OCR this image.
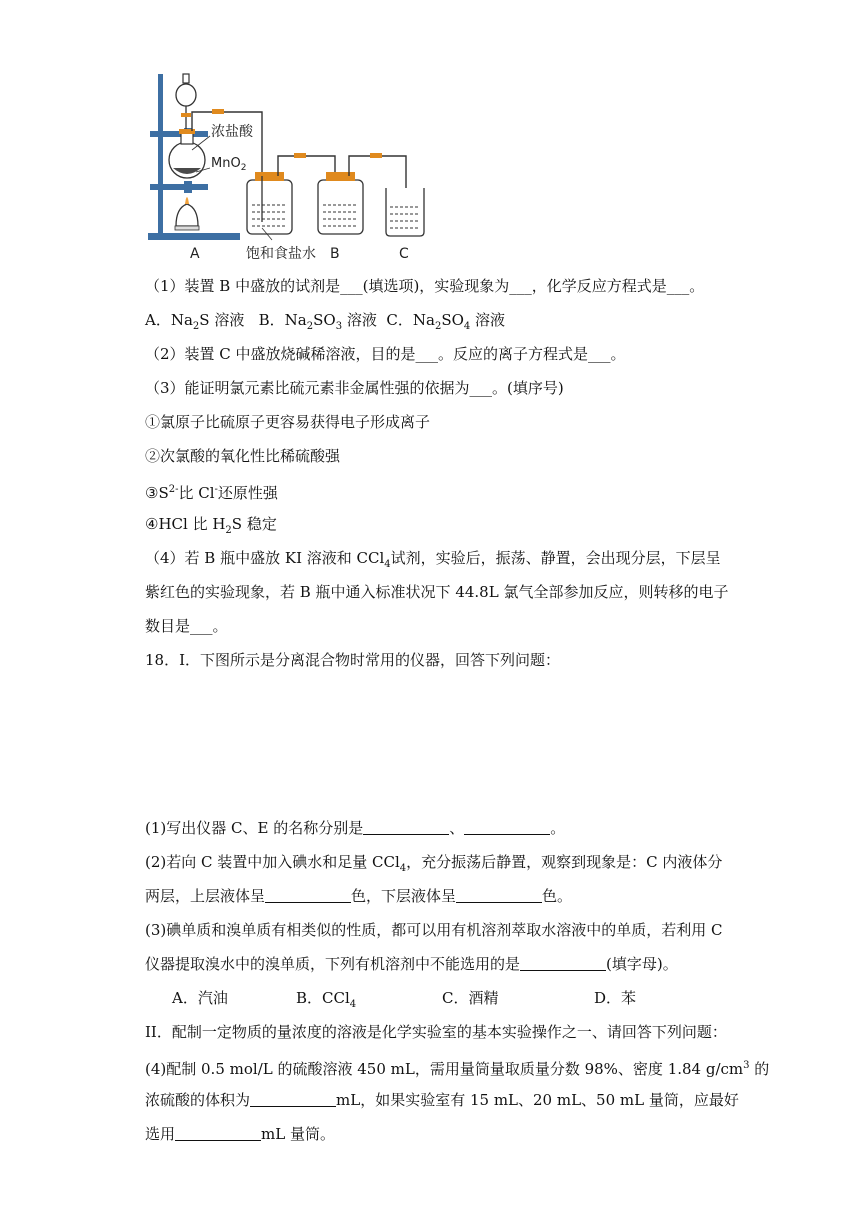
浓盐酸
MnO$_2$
A	饱和食盐水 B	C
（1）装置 B 中盛放的试剂是___(填选项)，实验现象为___，化学反应方程式是___。
A．$Na_2S$ 溶液 B．$Na_2SO_3$ 溶液 C．$Na_2SO_4$ 溶液
（2）装置 C 中盛放烧碱稀溶液，目的是___。反应的离子方程式是___。
（3）能证明氯元素比硫元素非金属性强的依据为___。(填序号)
①氯原子比硫原子更容易获得电子形成离子
②次氯酸的氧化性比稀硫酸强
$③S^{2-}$比 Cl-还原性强
④HCl 比 $H_2S$ 稳定
（4）若 B 瓶中盛放 KI 溶液和 CCl$_4$试剂，实验后，振荡、静置，会出现分层，下层呈
紫红色的实验现象，若 B 瓶中通入标准状况下 44.8L 氯气全部参加反应，则转移的电子
数目是___。
18．I．下图所示是分离混合物时常用的仪器，回答下列问题：
(1)写出仪器 C、E 的名称分别是	、	。
(2)若向 C 装置中加入碘水和足量 CCl$_4$，充分振荡后静置，观察到现象是：C 内液体分
两层，上层液体呈	色，下层液体呈	色。
(3)碘单质和溴单质有相类似的性质，都可以用有机溶剂萃取水溶液中的单质，若利用 C
仪器提取溴水中的溴单质，下列有机溶剂中不能选用的是	(填字母)。
A．汽油	B．CCl$_4$	C．酒精	D．苯
II．配制一定物质的量浓度的溶液是化学实验室的基本实验操作之一、请回答下列问题：
(4)配制 0.5 mol/L 的硫酸溶液 450 mL，需用量筒量取质量分数 98%、密度 1.84 $g/cm^3$ 的
浓硫酸的体积为	mL，如果实验室有 15 mL、20 mL、50 mL 量筒，应最好
选用	mL 量筒。
